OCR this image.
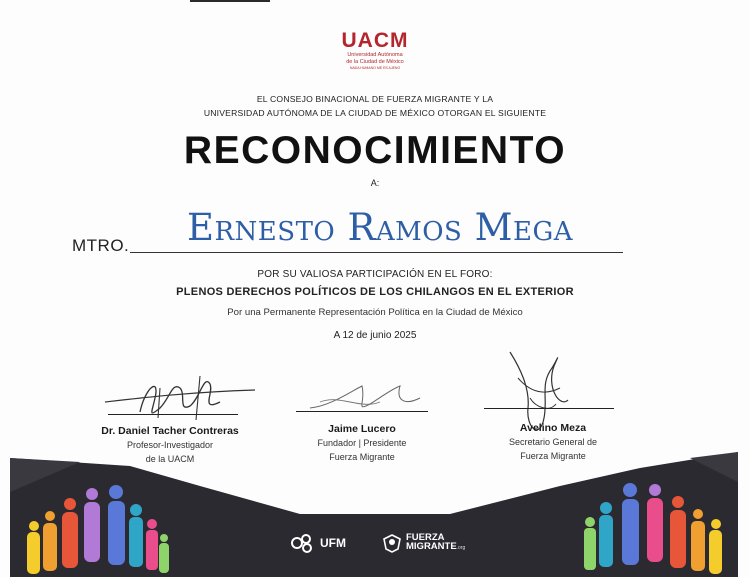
UACM
Universidad Autónoma
de la Ciudad de México
NADA HUMANO ME ES AJENO
EL CONSEJO BINACIONAL DE FUERZA MIGRANTE Y LA
UNIVERSIDAD AUTÓNOMA DE LA CIUDAD DE MÉXICO OTORGAN EL SIGUIENTE
RECONOCIMIENTO
A:
MTRO.	Ernesto Ramos Mega
POR SU VALIOSA PARTICIPACIÓN EN EL FORO:
PLENOS DERECHOS POLÍTICOS DE LOS CHILANGOS EN EL EXTERIOR
Por una Permanente Representación Política en la Ciudad de México
A 12 de junio 2025
Dr. Daniel Tacher Contreras
Profesor-Investigador
de la UACM
Jaime Lucero
Fundador | Presidente
Fuerza Migrante
Avelino Meza
Secretario General de
Fuerza Migrante
UFM	FUERZA
MIGRANTE.org
